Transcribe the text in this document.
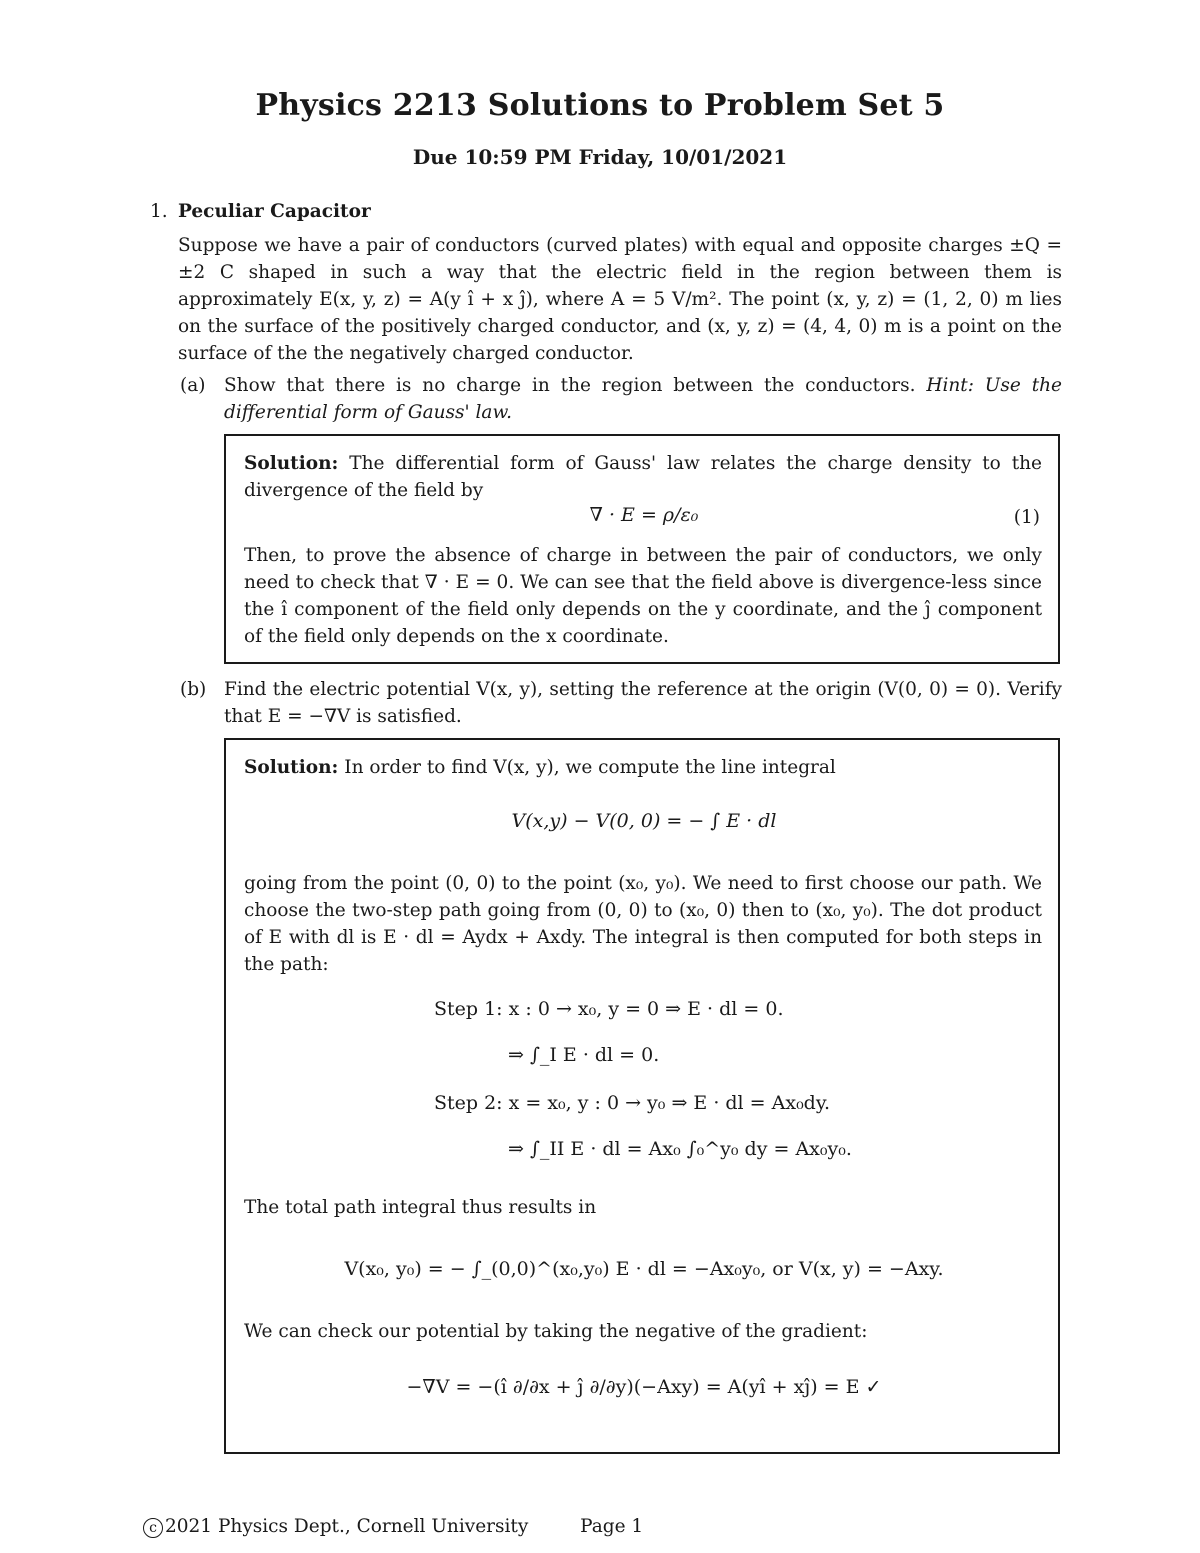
Physics 2213 Solutions to Problem Set 5
Due 10:59 PM Friday, 10/01/2021
1. Peculiar Capacitor
Suppose we have a pair of conductors (curved plates) with equal and opposite charges ±Q = ±2 C shaped in such a way that the electric field in the region between them is approximately E(x, y, z) = A(y î + x ĵ), where A = 5 V/m². The point (x, y, z) = (1, 2, 0) m lies on the surface of the positively charged conductor, and (x, y, z) = (4, 4, 0) m is a point on the surface of the the negatively charged conductor.
(a) Show that there is no charge in the region between the conductors. Hint: Use the differential form of Gauss' law.
Solution: The differential form of Gauss' law relates the charge density to the divergence of the field by
∇ · E = ρ/ε₀	(1)
Then, to prove the absence of charge in between the pair of conductors, we only need to check that ∇ · E = 0. We can see that the field above is divergence-less since the î component of the field only depends on the y coordinate, and the ĵ component of the field only depends on the x coordinate.
(b) Find the electric potential V(x, y), setting the reference at the origin (V(0, 0) = 0). Verify that E = −∇V is satisfied.
Solution: In order to find V(x, y), we compute the line integral
V(x,y) − V(0, 0) = − ∫ E · dl
going from the point (0, 0) to the point (x₀, y₀). We need to first choose our path. We choose the two-step path going from (0, 0) to (x₀, 0) then to (x₀, y₀). The dot product of E with dl is E · dl = Aydx + Axdy. The integral is then computed for both steps in the path:
Step 1: x : 0 → x₀, y = 0 ⇒ E · dl = 0.
⇒ ∫_I E · dl = 0.
Step 2: x = x₀, y : 0 → y₀ ⇒ E · dl = Ax₀dy.
⇒ ∫_II E · dl = Ax₀ ∫₀^y₀ dy = Ax₀y₀.
The total path integral thus results in
V(x₀, y₀) = − ∫_(0,0)^(x₀,y₀) E · dl = −Ax₀y₀, or V(x, y) = −Axy.
We can check our potential by taking the negative of the gradient:
−∇V = −(î ∂/∂x + ĵ ∂/∂y)(−Axy) = A(yî + xĵ) = E ✓
c 2021 Physics Dept., Cornell University	Page 1
